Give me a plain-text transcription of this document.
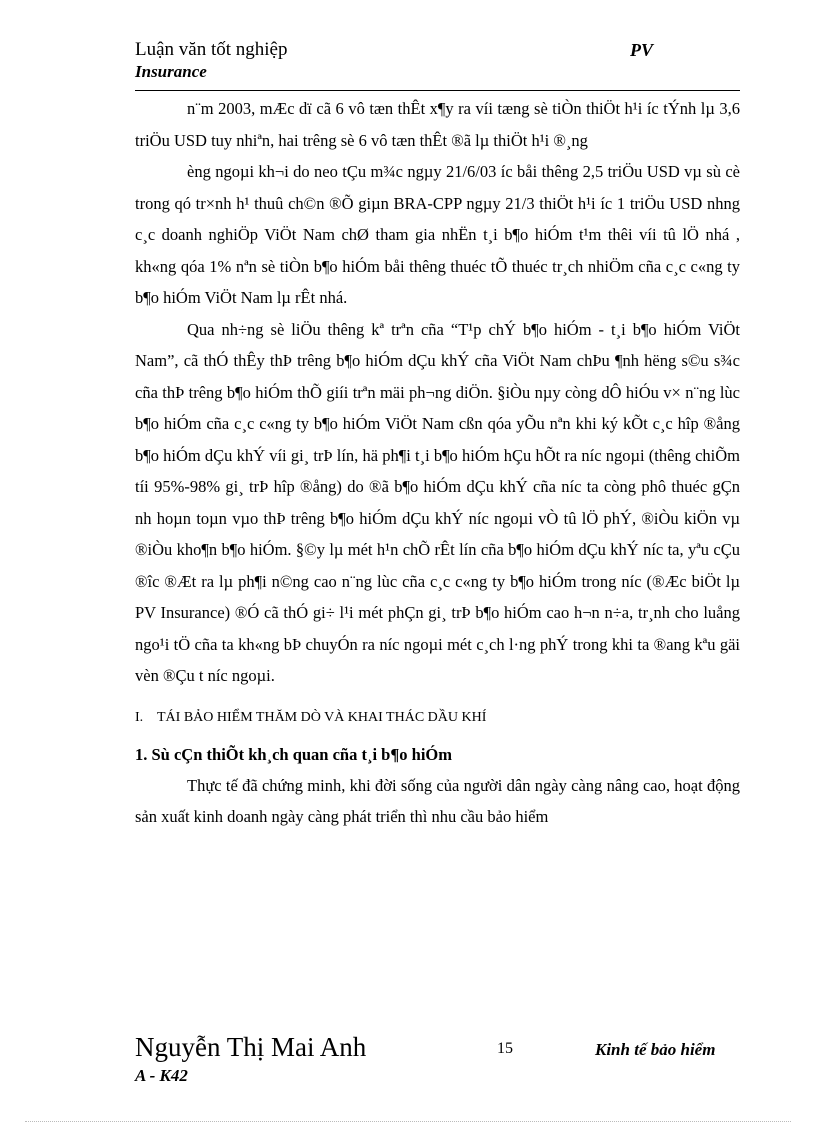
Luận văn tốt nghiệp
Insurance
PV

n¨m 2003, mÆc dï cã 6 vô tæn thÊt x¶y ra víi tæng sè tiÒn thiÖt h¹i íc tÝnh lµ 3,6 triÖu USD tuy nhiªn, hai trêng sè 6 vô tæn thÊt ®ã lµ thiÖt h¹i ®¸ng

èng ngoµi kh¬i do neo tÇu m¾c ngµy 21/6/03 íc båi thêng 2,5 triÖu USD vµ sù cè trong qó tr×nh h¹ thuû ch©n ®Õ giµn BRA-CPP ngµy 21/3 thiÖt h¹i íc 1 triÖu USD nhng c¸c doanh nghiÖp ViÖt Nam chØ tham gia nhËn t¸i b¶o hiÓm t¹m thêi víi tû lÖ nhá , kh«ng qóa 1% nªn sè tiÒn b¶o hiÓm båi thêng thuéc tÕ thuéc tr¸ch nhiÖm cña c¸c c«ng ty b¶o hiÓm ViÖt Nam lµ rÊt nhá.

Qua nh÷ng sè liÖu thêng kª trªn cña “T¹p chÝ b¶o hiÓm - t¸i b¶o hiÓm ViÖt Nam”, cã thÓ thÊy thÞ trêng b¶o hiÓm dÇu khÝ cña ViÖt Nam chÞu ¶nh hëng s©u s¾c cña thÞ trêng b¶o hiÓm thÕ giíi trªn mäi ph¬ng diÖn. §iÒu nµy còng dÔ hiÓu v× n¨ng lùc b¶o hiÓm cña c¸c c«ng ty b¶o hiÓm ViÖt Nam cßn qóa yÕu nªn khi ký kÕt c¸c hîp ®ång b¶o hiÓm dÇu khÝ víi gi¸ trÞ lín, hä ph¶i t¸i b¶o hiÓm hÇu hÕt ra níc ngoµi (thêng chiÕm tíi 95%-98% gi¸ trÞ hîp ®ång) do ®ã b¶o hiÓm dÇu khÝ cña níc ta còng phô thuéc gÇn nh hoµn toµn vµo thÞ trêng b¶o hiÓm dÇu khÝ níc ngoµi vÒ tû lÖ phÝ, ®iÒu kiÖn vµ ®iÒu kho¶n b¶o hiÓm. §©y lµ mét h¹n chÕ rÊt lín cña b¶o hiÓm dÇu khÝ níc ta, yªu cÇu ®îc ®Æt ra lµ ph¶i n©ng cao n¨ng lùc cña c¸c c«ng ty b¶o hiÓm trong níc (®Æc biÖt lµ PV Insurance) ®Ó cã thÓ gi÷ l¹i mét phÇn gi¸ trÞ b¶o hiÓm cao h¬n n÷a, tr¸nh cho luång ngo¹i tÖ cña ta kh«ng bÞ chuyÓn ra níc ngoµi mét c¸ch l·ng phÝ trong khi ta ®ang kªu gäi vèn ®Çu t níc ngoµi.

I. TÁI BẢO HIỂM THĂM DÒ VÀ KHAI THÁC DẦU KHÍ
1. Sù cÇn thiÕt kh¸ch quan cña t¸i b¶o hiÓm

Thực tế đã chứng minh, khi đời sống của người dân ngày càng nâng cao, hoạt động sản xuất kinh doanh ngày càng phát triển thì nhu cầu bảo hiểm

Nguyễn Thị Mai Anh
A - K42
15	Kinh tế bảo hiểm
